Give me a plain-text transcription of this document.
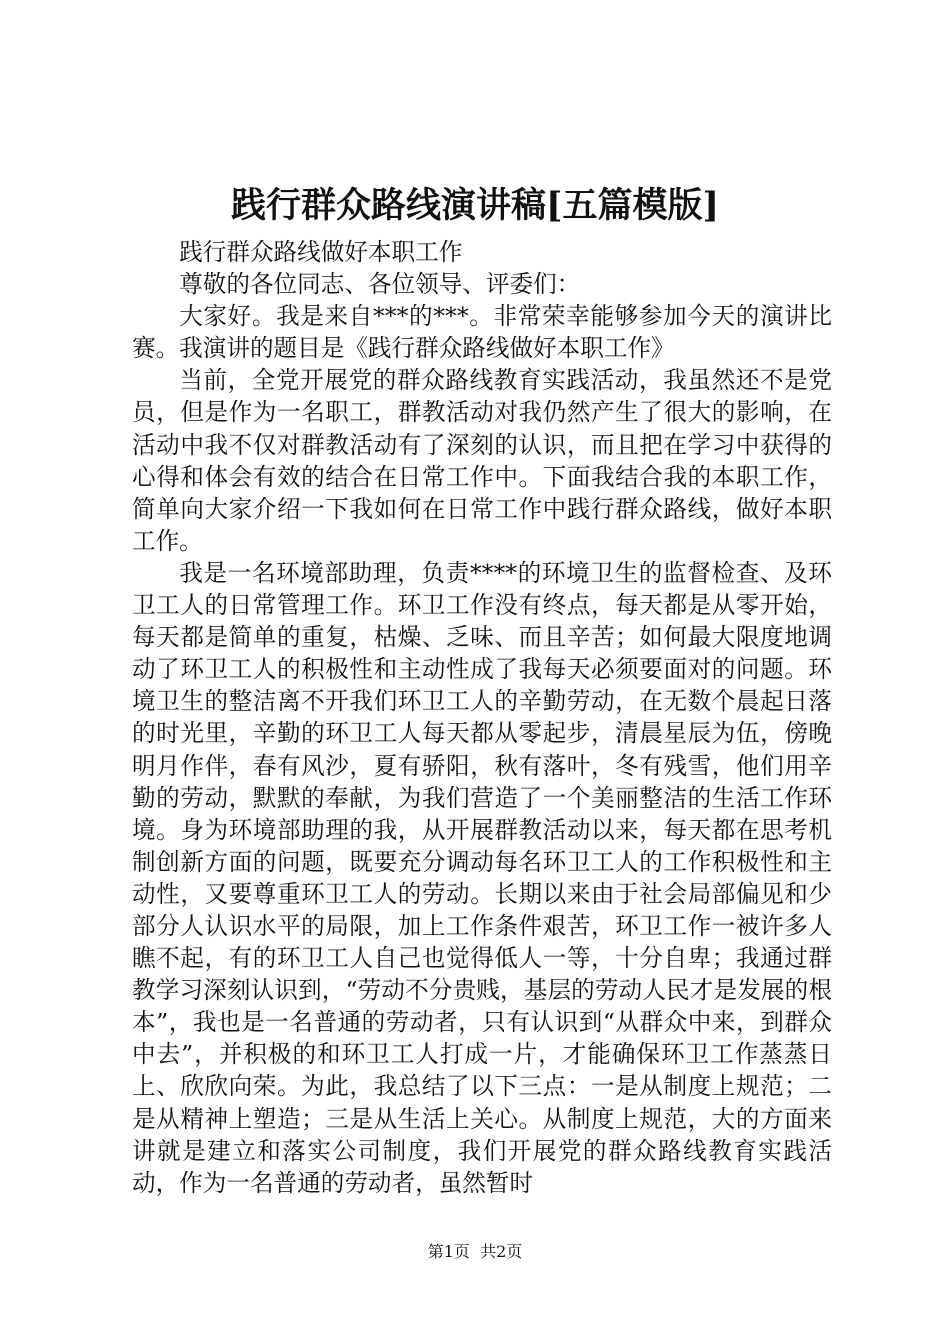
践行群众路线演讲稿[五篇模版]

践行群众路线做好本职工作

尊敬的各位同志、各位领导、评委们：

大家好。我是来自***的***。非常荣幸能够参加今天的演讲比赛。我演讲的题目是《践行群众路线做好本职工作》

当前，全党开展党的群众路线教育实践活动，我虽然还不是党员，但是作为一名职工，群教活动对我仍然产生了很大的影响，在活动中我不仅对群教活动有了深刻的认识，而且把在学习中获得的心得和体会有效的结合在日常工作中。下面我结合我的本职工作，简单向大家介绍一下我如何在日常工作中践行群众路线，做好本职工作。

我是一名环境部助理，负责****的环境卫生的监督检查、及环卫工人的日常管理工作。环卫工作没有终点，每天都是从零开始，每天都是简单的重复，枯燥、乏味、而且辛苦；如何最大限度地调动了环卫工人的积极性和主动性成了我每天必须要面对的问题。环境卫生的整洁离不开我们环卫工人的辛勤劳动，在无数个晨起日落的时光里，辛勤的环卫工人每天都从零起步，清晨星辰为伍，傍晚明月作伴，春有风沙，夏有骄阳，秋有落叶，冬有残雪，他们用辛勤的劳动，默默的奉献，为我们营造了一个美丽整洁的生活工作环境。身为环境部助理的我，从开展群教活动以来，每天都在思考机制创新方面的问题，既要充分调动每名环卫工人的工作积极性和主动性，又要尊重环卫工人的劳动。长期以来由于社会局部偏见和少部分人认识水平的局限，加上工作条件艰苦，环卫工作一被许多人瞧不起，有的环卫工人自己也觉得低人一等，十分自卑；我通过群教学习深刻认识到，“劳动不分贵贱，基层的劳动人民才是发展的根本”，我也是一名普通的劳动者，只有认识到“从群众中来，到群众中去”，并积极的和环卫工人打成一片，才能确保环卫工作蒸蒸日上、欣欣向荣。为此，我总结了以下三点：一是从制度上规范；二是从精神上塑造；三是从生活上关心。从制度上规范，大的方面来讲就是建立和落实公司制度，我们开展党的群众路线教育实践活动，作为一名普通的劳动者，虽然暂时

第1页 共2页
